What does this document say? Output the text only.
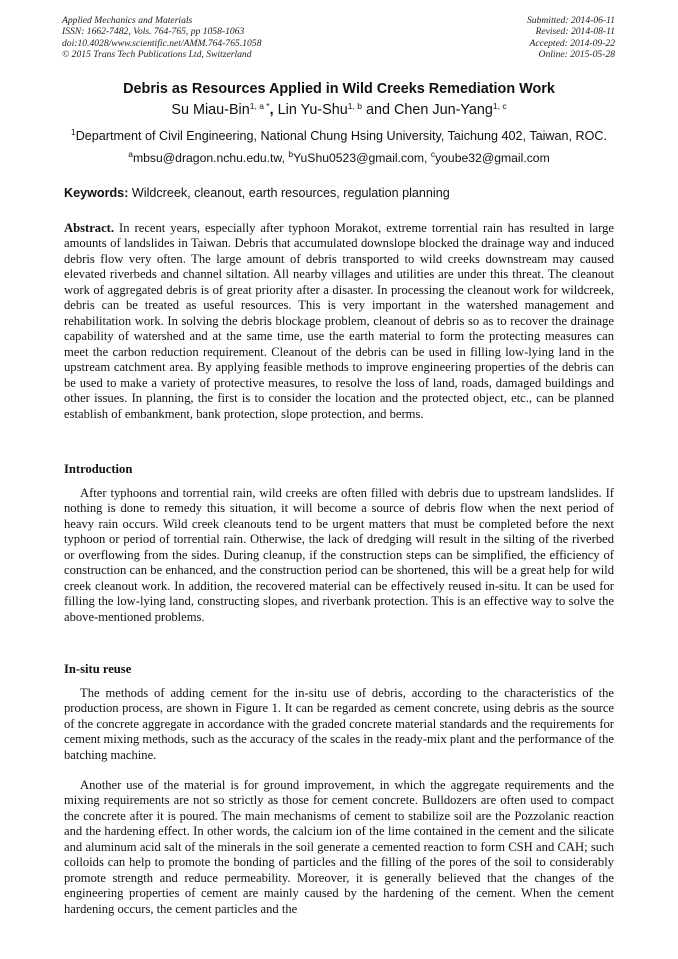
Applied Mechanics and Materials
ISSN: 1662-7482, Vols. 764-765, pp 1058-1063
doi:10.4028/www.scientific.net/AMM.764-765.1058
© 2015 Trans Tech Publications Ltd, Switzerland
Submitted: 2014-06-11
Revised: 2014-08-11
Accepted: 2014-09-22
Online: 2015-05-28
Debris as Resources Applied in Wild Creeks Remediation Work
Su Miau-Bin$^{1, a *}$, Lin Yu-Shu$^{1, b}$ and Chen Jun-Yang$^{1, c}$
$^1$Department of Civil Engineering, National Chung Hsing University, Taichung 402, Taiwan, ROC.
$^a$mbsu@dragon.nchu.edu.tw, $^b$YuShu0523@gmail.com, $^c$yoube32@gmail.com
Keywords: Wildcreek, cleanout, earth resources, regulation planning

Abstract. In recent years, especially after typhoon Morakot, extreme torrential rain has resulted in large amounts of landslides in Taiwan. Debris that accumulated downslope blocked the drainage way and induced debris flow very often. The large amount of debris transported to wild creeks downstream may caused elevated riverbeds and channel siltation. All nearby villages and utilities are under this threat. The cleanout work of aggregated debris is of great priority after a disaster. In processing the cleanout work for wildcreek, debris can be treated as useful resources. This is very important in the watershed management and rehabilitation work. In solving the debris blockage problem, cleanout of debris so as to recover the drainage capability of watershed and at the same time, use the earth material to form the protecting measures can meet the carbon reduction requirement. Cleanout of the debris can be used in filling low-lying land in the upstream catchment area. By applying feasible methods to improve engineering properties of the debris can be used to make a variety of protective measures, to resolve the loss of land, roads, damaged buildings and other issues. In planning, the first is to consider the location and the protected object, etc., can be planned establish of embankment, bank protection, slope protection, and berms.

Introduction

After typhoons and torrential rain, wild creeks are often filled with debris due to upstream landslides. If nothing is done to remedy this situation, it will become a source of debris flow when the next period of heavy rain occurs. Wild creek cleanouts tend to be urgent matters that must be completed before the next typhoon or period of torrential rain. Otherwise, the lack of dredging will result in the silting of the riverbed or overflowing from the sides. During cleanup, if the construction steps can be simplified, the efficiency of construction can be enhanced, and the construction period can be shortened, this will be a great help for wild creek cleanout work. In addition, the recovered material can be effectively reused in-situ. It can be used for filling the low-lying land, constructing slopes, and riverbank protection. This is an effective way to solve the above-mentioned problems.

In-situ reuse

The methods of adding cement for the in-situ use of debris, according to the characteristics of the production process, are shown in Figure 1. It can be regarded as cement concrete, using debris as the source of the concrete aggregate in accordance with the graded concrete material standards and the requirements for cement mixing methods, such as the accuracy of the scales in the ready-mix plant and the performance of the batching machine.

Another use of the material is for ground improvement, in which the aggregate requirements and the mixing requirements are not so strictly as those for cement concrete. Bulldozers are often used to compact the concrete after it is poured. The main mechanisms of cement to stabilize soil are the Pozzolanic reaction and the hardening effect. In other words, the calcium ion of the lime contained in the cement and the silicate and aluminum acid salt of the minerals in the soil generate a cemented reaction to form CSH and CAH; such colloids can help to promote the bonding of particles and the filling of the pores of the soil to considerably promote strength and reduce permeability. Moreover, it is generally believed that the changes of the engineering properties of cement are mainly caused by the hardening of the cement. When the cement hardening occurs, the cement particles and the
